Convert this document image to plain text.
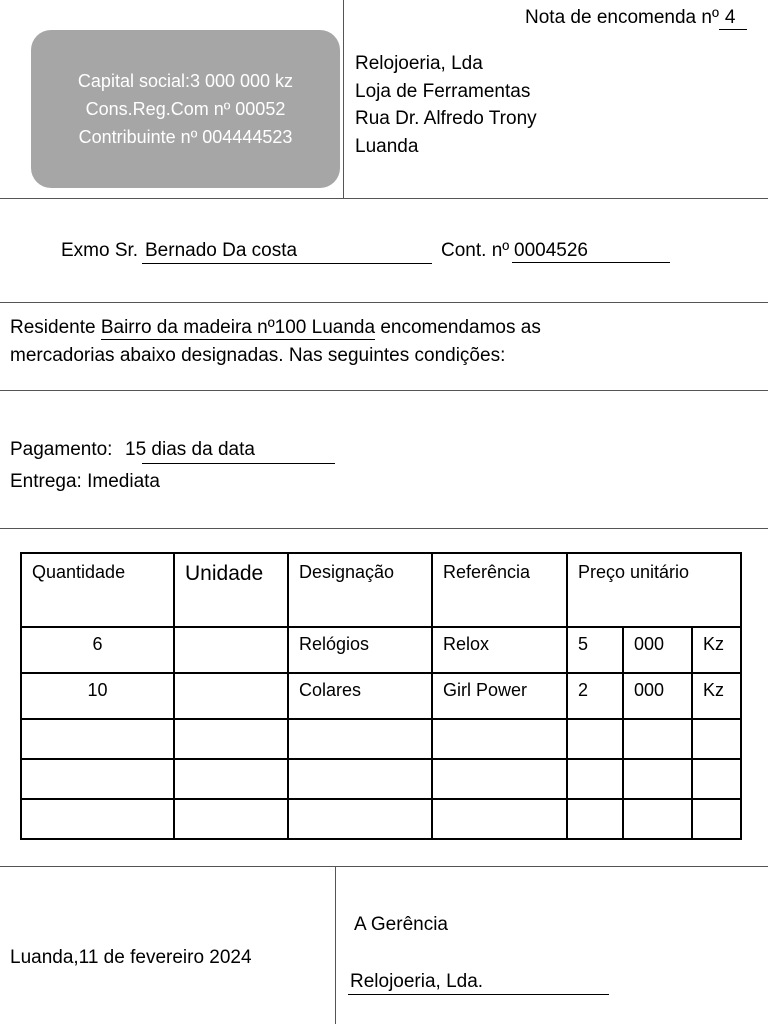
Nota de encomenda nº 4
Capital social:3 000 000 kz
Cons.Reg.Com nº 00052
Contribuinte nº 004444523
Relojoeria, Lda
Loja de Ferramentas
Rua Dr. Alfredo Trony
Luanda
Exmo Sr. Bernado Da costa	Cont. nº 0004526
Residente Bairro da madeira nº100 Luanda encomendamos as
mercadorias abaixo designadas. Nas seguintes condições:
Pagamento: 15 dias da data
Entrega: Imediata
Quantidade	Unidade	Designação	Referência	Preço unitário		
6		Relógios	Relox	5	000	Kz
10		Colares	Girl Power	2	000	Kz

Luanda,11 de fevereiro 2024
A Gerência
Relojoeria, Lda.
